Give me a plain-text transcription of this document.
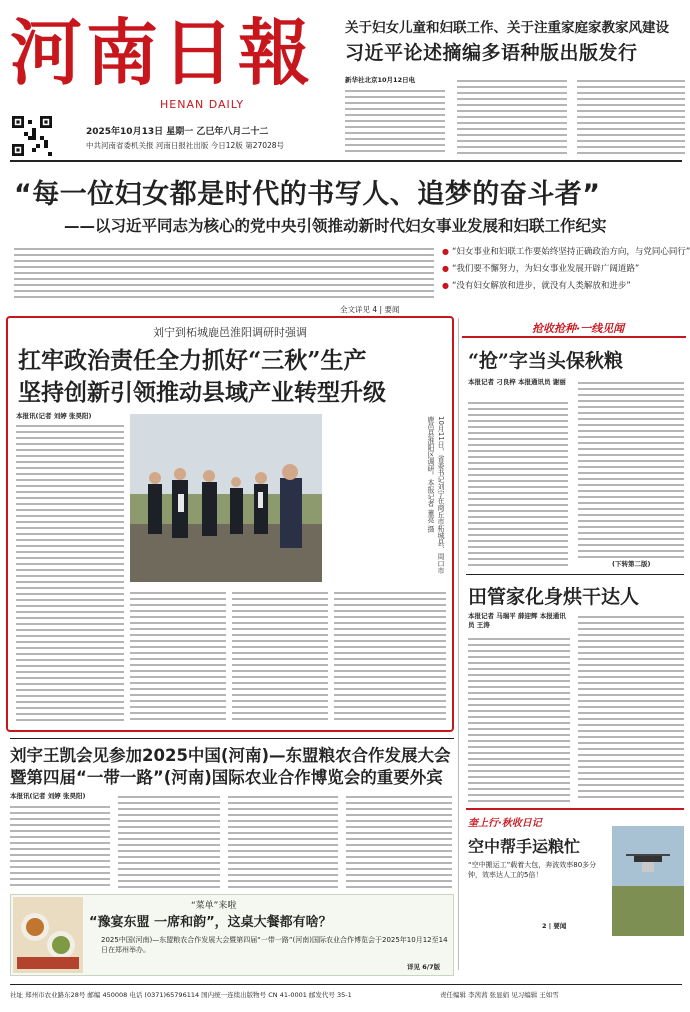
河南日報
HENAN DAILY
2025年10月13日 星期一 乙巳年八月二十二
中共河南省委机关报 河南日报社出版 今日12版 第27028号
关于妇女儿童和妇联工作、关于注重家庭家教家风建设
习近平论述摘编多语种版出版发行
新华社北京10月12日电
“每一位妇女都是时代的书写人、追梦的奋斗者”
——以习近平同志为核心的党中央引领推动新时代妇女事业发展和妇联工作纪实
● “妇女事业和妇联工作要始终坚持正确政治方向，与党同心同行”
● “我们要不懈努力，为妇女事业发展开辟广阔道路”
● “没有妇女解放和进步，就没有人类解放和进步”
全文详见 4 | 要闻
刘宁到柘城鹿邑淮阳调研时强调
扛牢政治责任全力抓好“三秋”生产
坚持创新引领推动县域产业转型升级
本报讯(记者 刘婷 张昊阳)	10月11日，省委书记刘宁在商丘市柘城县、周口市鹿邑县淮阳区调研。本报记者 董亮 摄
抢收抢种·一线见闻
“抢”字当头保秋粮
本报记者 刁良梓 本报通讯员 谢丽
(下转第二版)
田管家化身烘干达人
本报记者 马瑞平 薛迎辉 本报通讯员 王涛
奎上行·秋收日记
空中帮手运粮忙
“空中搬运工”载着大包，奔波效率80多分钟，效率达人工的5倍！
2 | 要闻
刘宇王凯会见参加2025中国(河南)—东盟粮农合作发展大会
暨第四届“一带一路”(河南)国际农业合作博览会的重要外宾
本报讯(记者 刘婷 张昊阳)
“菜单”来啦
“豫宴东盟 一席和韵”，这桌大餐都有啥？
2025中国(河南)—东盟粮农合作发展大会暨第四届“一带一路”(河南)国际农业合作博览会于2025年10月12至14日在郑州举办。
详见 6/7版
社址 郑州市农业路东28号 邮编 450008 电话 (0371)65796114 国内统一连续出版物号 CN 41-0001 邮发代号 35-1	责任编辑 李茜茜 张显娟 见习编辑 王如雪
